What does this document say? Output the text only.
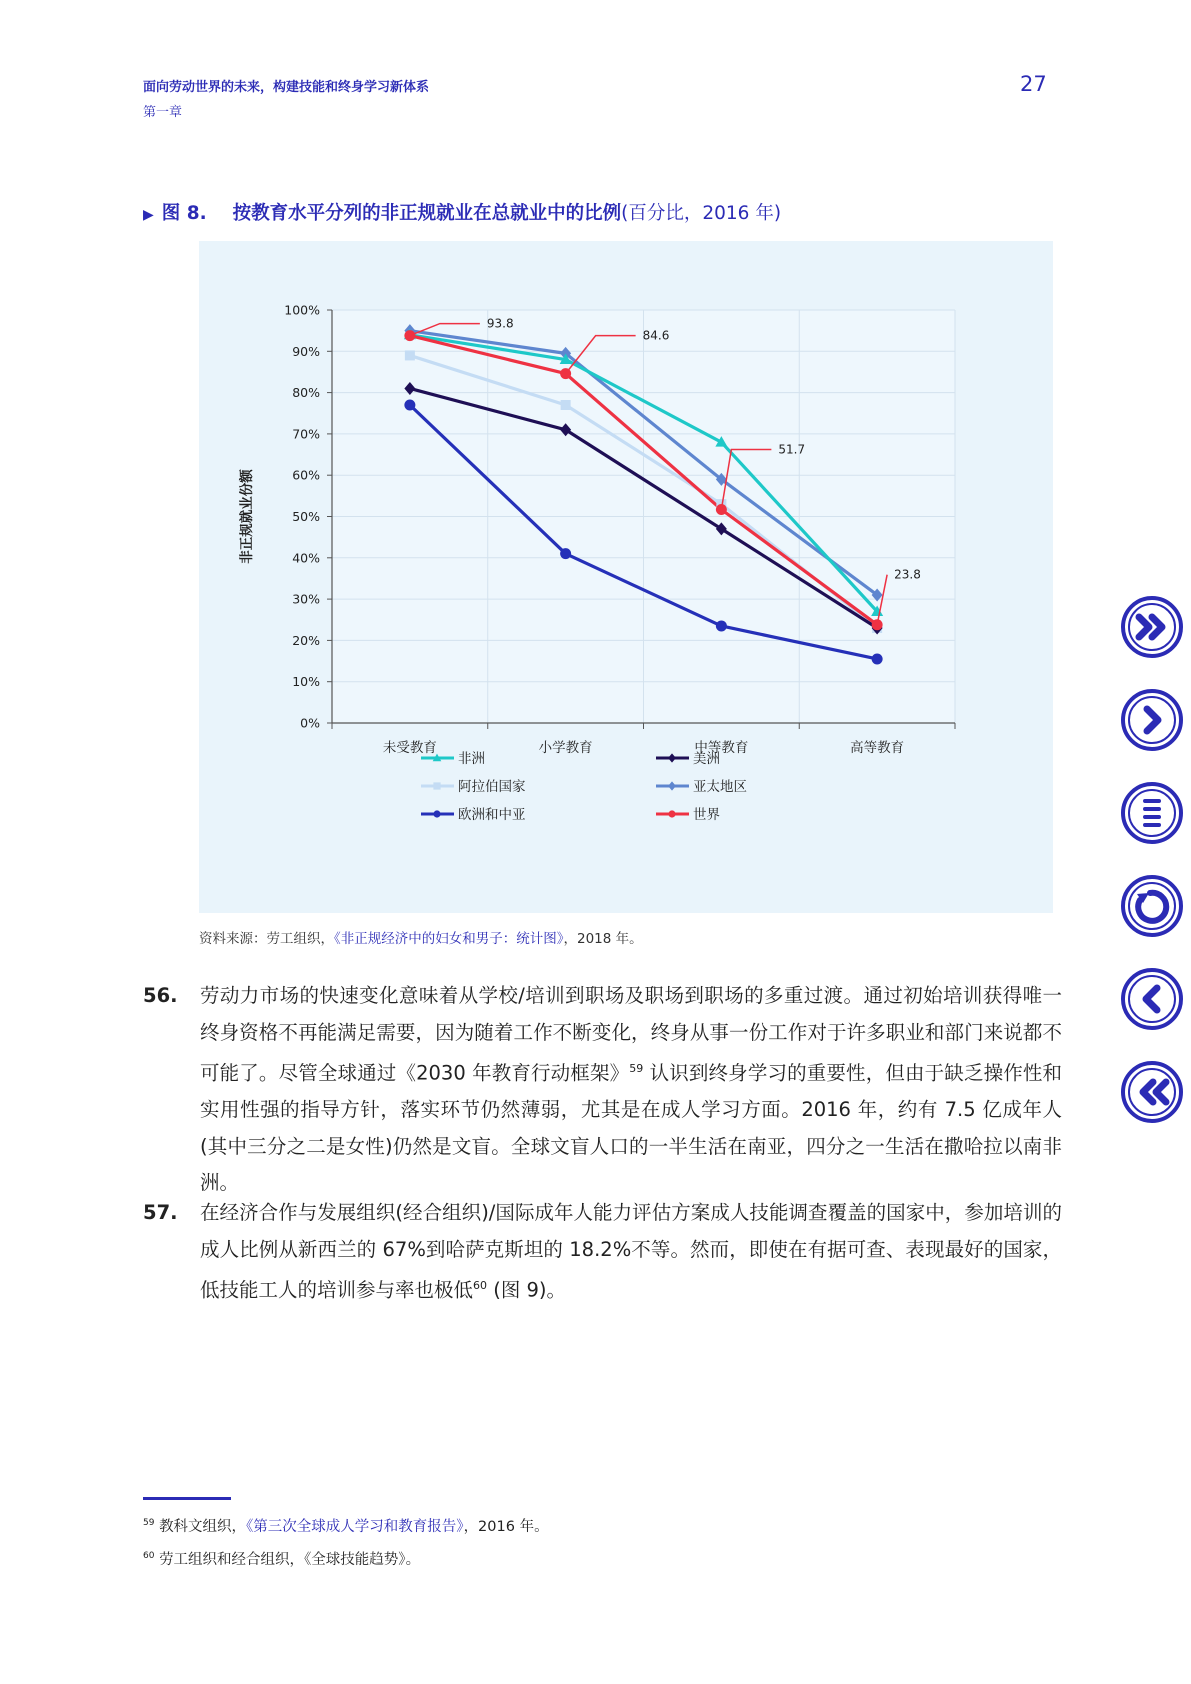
面向劳动世界的未来，构建技能和终身学习新体系
第一章
27
▶ 图 8. 按教育水平分列的非正规就业在总就业中的比例(百分比，2016 年)
0%
10%
20%
30%
40%
50%
60%
70%
80%
90%
100%
未受教育	小学教育	中等教育	高等教育
非正规就业份额
93.8
84.6
51.7
23.8
非洲	美洲
阿拉伯国家	亚太地区
欧洲和中亚	世界
资料来源：劳工组织，《非正规经济中的妇女和男子：统计图》，2018 年。
56. 劳动力市场的快速变化意味着从学校/培训到职场及职场到职场的多重过渡。通过初始培训获得唯一终身资格不再能满足需要，因为随着工作不断变化，终身从事一份工作对于许多职业和部门来说都不可能了。尽管全球通过《2030 年教育行动框架》$^{59}$ 认识到终身学习的重要性，但由于缺乏操作性和实用性强的指导方针，落实环节仍然薄弱，尤其是在成人学习方面。2016 年，约有 7.5 亿成年人(其中三分之二是女性)仍然是文盲。全球文盲人口的一半生活在南亚，四分之一生活在撒哈拉以南非洲。
57. 在经济合作与发展组织(经合组织)/国际成年人能力评估方案成人技能调查覆盖的国家中，参加培训的成人比例从新西兰的 67%到哈萨克斯坦的 18.2%不等。然而，即使在有据可查、表现最好的国家，低技能工人的培训参与率也极低$^{60}$ (图 9)。
$^{59}$ 教科文组织，《第三次全球成人学习和教育报告》，2016 年。
$^{60}$ 劳工组织和经合组织，《全球技能趋势》。
